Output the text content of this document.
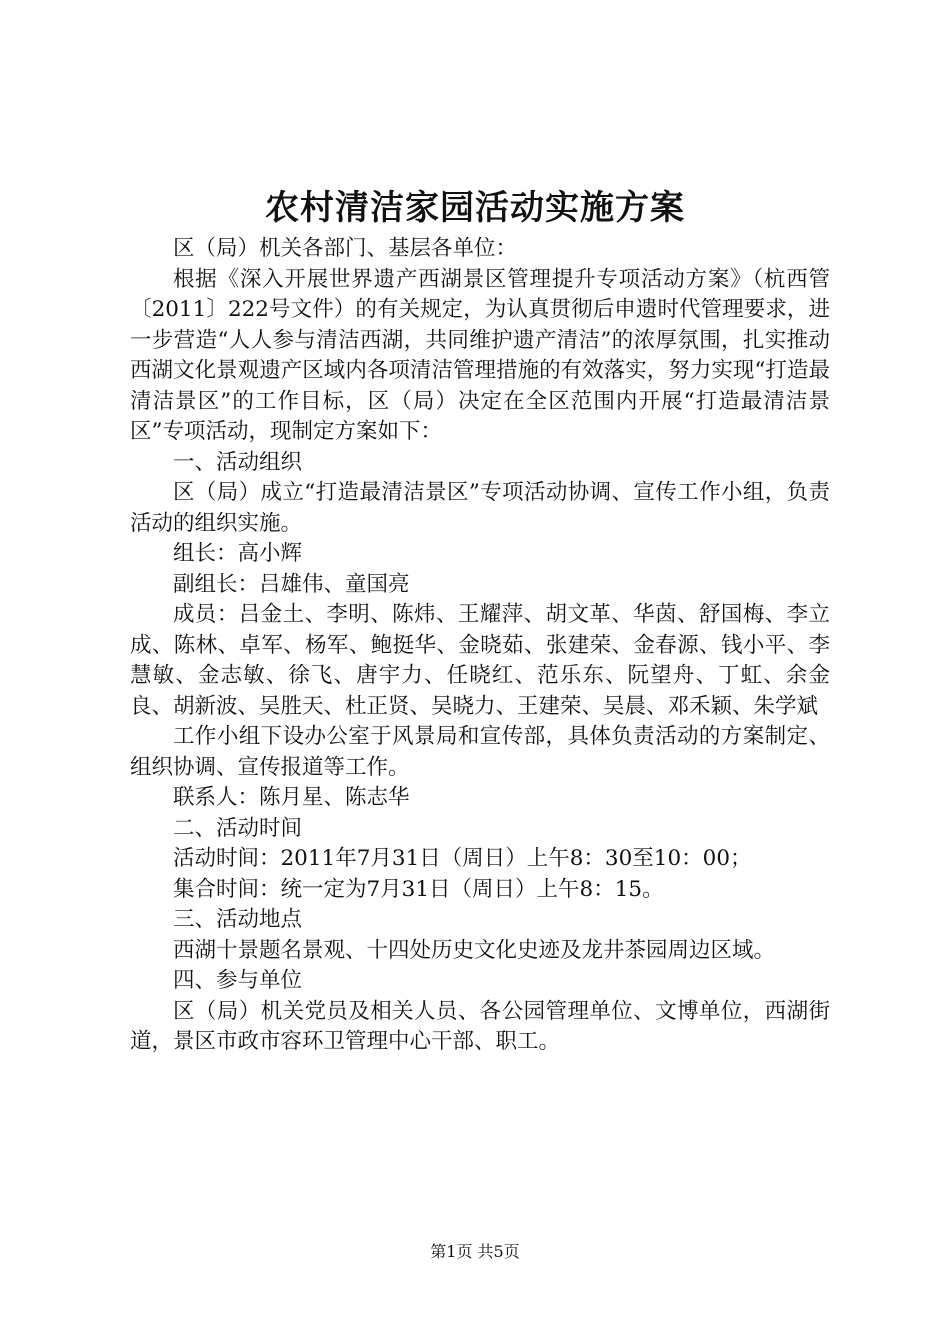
农村清洁家园活动实施方案

区（局）机关各部门、基层各单位：

根据《深入开展世界遗产西湖景区管理提升专项活动方案》（杭西管〔2011〕222号文件）的有关规定，为认真贯彻后申遗时代管理要求，进一步营造“人人参与清洁西湖，共同维护遗产清洁”的浓厚氛围，扎实推动西湖文化景观遗产区域内各项清洁管理措施的有效落实，努力实现“打造最清洁景区”的工作目标，区（局）决定在全区范围内开展“打造最清洁景区”专项活动，现制定方案如下：

一、活动组织

区（局）成立“打造最清洁景区”专项活动协调、宣传工作小组，负责活动的组织实施。

组长：高小辉

副组长：吕雄伟、童国亮

成员：吕金土、李明、陈炜、王耀萍、胡文革、华茵、舒国梅、李立成、陈林、卓军、杨军、鲍挺华、金晓茹、张建荣、金春源、钱小平、李慧敏、金志敏、徐飞、唐宇力、任晓红、范乐东、阮望舟、丁虹、余金良、胡新波、吴胜天、杜正贤、吴晓力、王建荣、吴晨、邓禾颖、朱学斌

工作小组下设办公室于风景局和宣传部，具体负责活动的方案制定、组织协调、宣传报道等工作。

联系人：陈月星、陈志华

二、活动时间

活动时间：2011年7月31日（周日）上午8：30至10：00；

集合时间：统一定为7月31日（周日）上午8：15。

三、活动地点

西湖十景题名景观、十四处历史文化史迹及龙井茶园周边区域。

四、参与单位

区（局）机关党员及相关人员、各公园管理单位、文博单位，西湖街道，景区市政市容环卫管理中心干部、职工。

第1页 共5页
